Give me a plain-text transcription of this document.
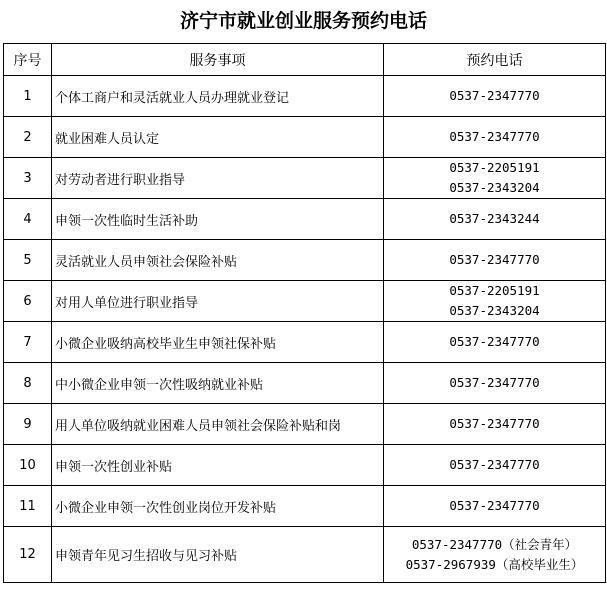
济宁市就业创业服务预约电话
序号	服务事项	预约电话
1	个体工商户和灵活就业人员办理就业登记	0537-2347770

2	就业困难人员认定	0537-2347770

3	对劳动者进行职业指导	0537-2205191
0537-2343204

4	申领一次性临时生活补助	0537-2343244

5	灵活就业人员申领社会保险补贴	0537-2347770

6	对用人单位进行职业指导	0537-2205191
0537-2343204

7	小微企业吸纳高校毕业生申领社保补贴	0537-2347770

8	中小微企业申领一次性吸纳就业补贴	0537-2347770

9	用人单位吸纳就业困难人员申领社会保险补贴和岗	0537-2347770

10	申领一次性创业补贴	0537-2347770

11	小微企业申领一次性创业岗位开发补贴	0537-2347770

12	申领青年见习生招收与见习补贴	0537-2347770（社会青年）
0537-2967939（高校毕业生）
